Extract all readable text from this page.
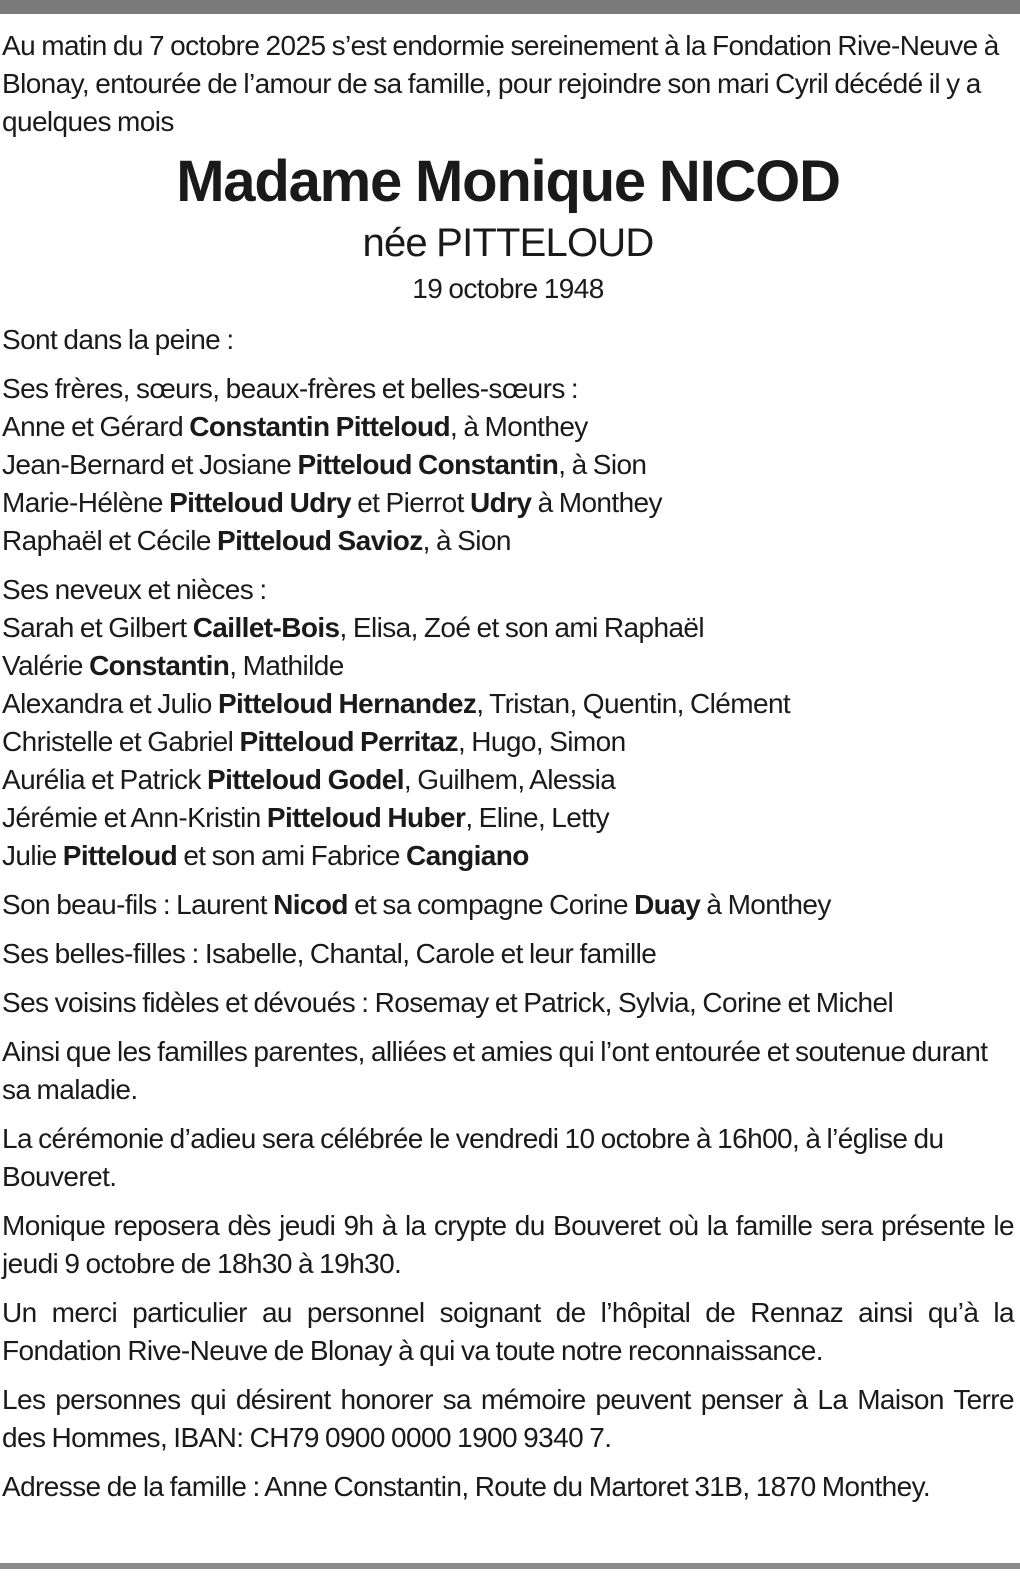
Au matin du 7 octobre 2025 s’est endormie sereinement à la Fondation Rive-Neuve à Blonay, entourée de l’amour de sa famille, pour rejoindre son mari Cyril décédé il y a quelques mois

Madame Monique NICOD

née PITTELOUD

19 octobre 1948

Sont dans la peine :

Ses frères, sœurs, beaux-frères et belles-sœurs :

Anne et Gérard Constantin Pitteloud, à Monthey

Jean-Bernard et Josiane Pitteloud Constantin, à Sion

Marie-Hélène Pitteloud Udry et Pierrot Udry à Monthey

Raphaël et Cécile Pitteloud Savioz, à Sion

Ses neveux et nièces :

Sarah et Gilbert Caillet-Bois, Elisa, Zoé et son ami Raphaël

Valérie Constantin, Mathilde

Alexandra et Julio Pitteloud Hernandez, Tristan, Quentin, Clément

Christelle et Gabriel Pitteloud Perritaz, Hugo, Simon

Aurélia et Patrick Pitteloud Godel, Guilhem, Alessia

Jérémie et Ann-Kristin Pitteloud Huber, Eline, Letty

Julie Pitteloud et son ami Fabrice Cangiano

Son beau-fils : Laurent Nicod et sa compagne Corine Duay à Monthey

Ses belles-filles : Isabelle, Chantal, Carole et leur famille

Ses voisins fidèles et dévoués : Rosemay et Patrick, Sylvia, Corine et Michel

Ainsi que les familles parentes, alliées et amies qui l’ont entourée et soutenue durant sa maladie.

La cérémonie d’adieu sera célébrée le vendredi 10 octobre à 16h00, à l’église du Bouveret.

Monique reposera dès jeudi 9h à la crypte du Bouveret où la famille sera présente le jeudi 9 octobre de 18h30 à 19h30.

Un merci particulier au personnel soignant de l’hôpital de Rennaz ainsi qu’à la Fondation Rive-Neuve de Blonay à qui va toute notre reconnaissance.

Les personnes qui désirent honorer sa mémoire peuvent penser à La Maison Terre des Hommes, IBAN: CH79 0900 0000 1900 9340 7.

Adresse de la famille : Anne Constantin, Route du Martoret 31B, 1870 Monthey.
